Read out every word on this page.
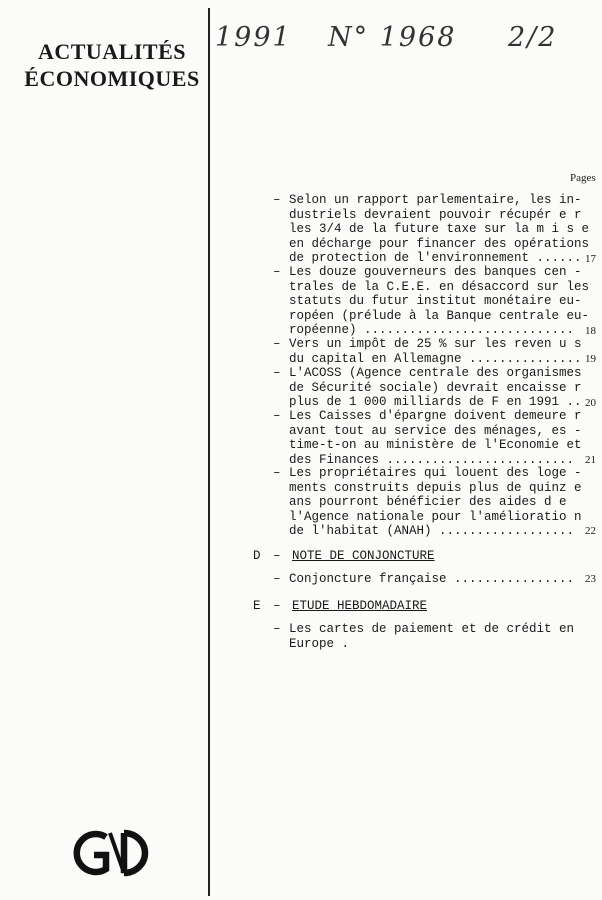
ACTUALITÉS
ÉCONOMIQUES
1991 N° 1968 2/2
Pages
– Selon un rapport parlementaire, les in-
dustriels devraient pouvoir récupér e r
les 3/4 de la future taxe sur la m i s e
en décharge pour financer des opérations
de protection de l'environnement ...... 17
– Les douze gouverneurs des banques cen -
trales de la C.E.E. en désaccord sur les
statuts du futur institut monétaire eu-
ropéen (prélude à la Banque centrale eu-
ropéenne) ............................ 18
– Vers un impôt de 25 % sur les reven u s
du capital en Allemagne ............... 19
– L'ACOSS (Agence centrale des organismes
de Sécurité sociale) devrait encaisse r
plus de 1 000 milliards de F en 1991 .. 20
– Les Caisses d'épargne doivent demeure r
avant tout au service des ménages, es -
time-t-on au ministère de l'Economie et
des Finances ......................... 21
– Les propriétaires qui louent des loge -
ments construits depuis plus de quinz e
ans pourront bénéficier des aides d e
l'Agence nationale pour l'amélioratio n
de l'habitat (ANAH) .................. 22
D – NOTE DE CONJONCTURE
– Conjoncture française ................ 23
E – ETUDE HEBDOMADAIRE
– Les cartes de paiement et de crédit en
Europe .
